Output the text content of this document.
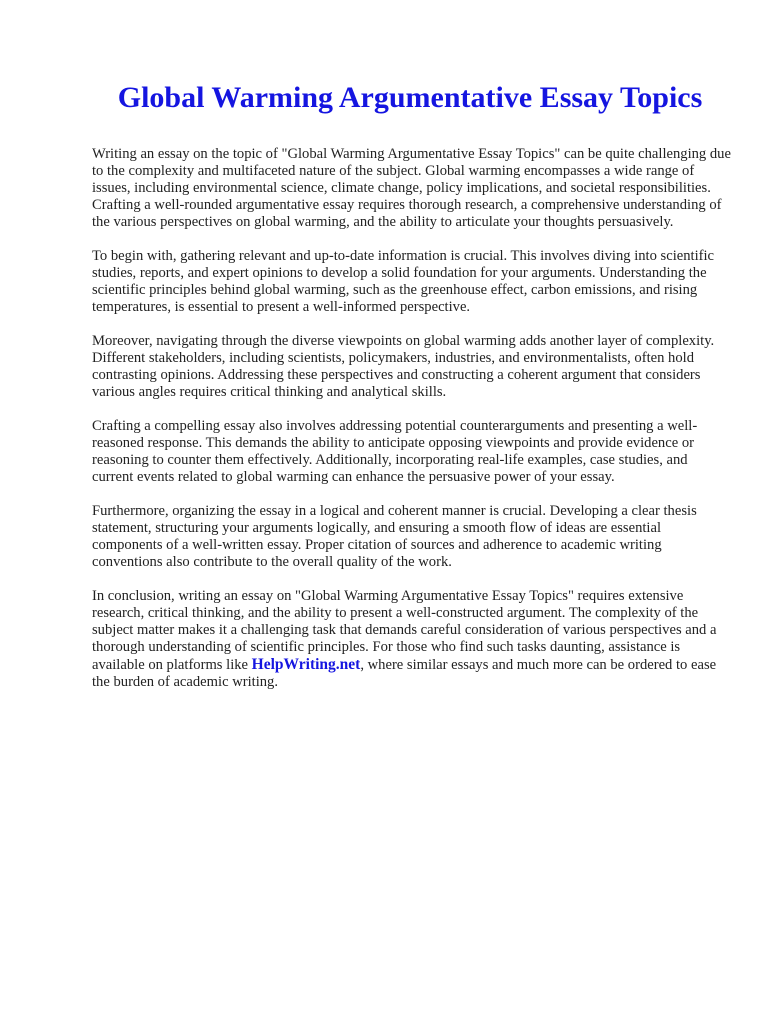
Global Warming Argumentative Essay Topics

Writing an essay on the topic of "Global Warming Argumentative Essay Topics" can be quite challenging due to the complexity and multifaceted nature of the subject. Global warming encompasses a wide range of issues, including environmental science, climate change, policy implications, and societal responsibilities. Crafting a well-rounded argumentative essay requires thorough research, a comprehensive understanding of the various perspectives on global warming, and the ability to articulate your thoughts persuasively.

To begin with, gathering relevant and up-to-date information is crucial. This involves diving into scientific studies, reports, and expert opinions to develop a solid foundation for your arguments. Understanding the scientific principles behind global warming, such as the greenhouse effect, carbon emissions, and rising temperatures, is essential to present a well-informed perspective.

Moreover, navigating through the diverse viewpoints on global warming adds another layer of complexity. Different stakeholders, including scientists, policymakers, industries, and environmentalists, often hold contrasting opinions. Addressing these perspectives and constructing a coherent argument that considers various angles requires critical thinking and analytical skills.

Crafting a compelling essay also involves addressing potential counterarguments and presenting a well-reasoned response. This demands the ability to anticipate opposing viewpoints and provide evidence or reasoning to counter them effectively. Additionally, incorporating real-life examples, case studies, and current events related to global warming can enhance the persuasive power of your essay.

Furthermore, organizing the essay in a logical and coherent manner is crucial. Developing a clear thesis statement, structuring your arguments logically, and ensuring a smooth flow of ideas are essential components of a well-written essay. Proper citation of sources and adherence to academic writing conventions also contribute to the overall quality of the work.

In conclusion, writing an essay on "Global Warming Argumentative Essay Topics" requires extensive research, critical thinking, and the ability to present a well-constructed argument. The complexity of the subject matter makes it a challenging task that demands careful consideration of various perspectives and a thorough understanding of scientific principles. For those who find such tasks daunting, assistance is available on platforms like HelpWriting.net, where similar essays and much more can be ordered to ease the burden of academic writing.
